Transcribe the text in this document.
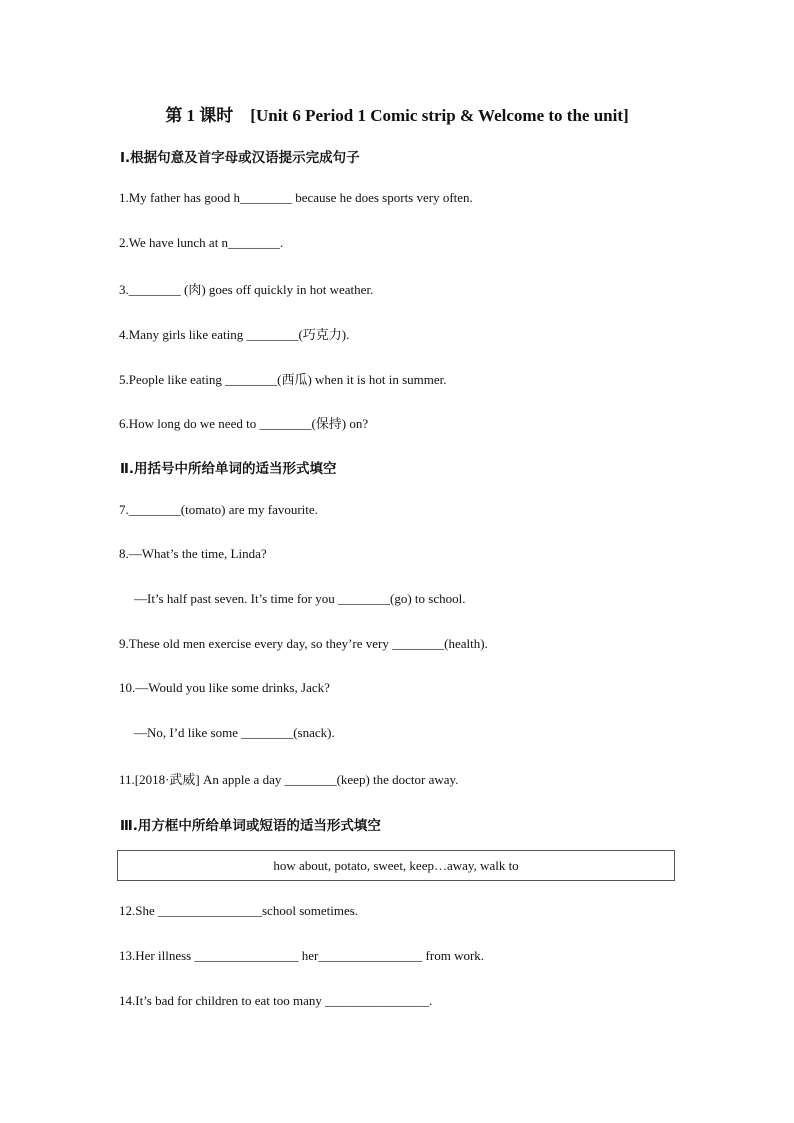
第 1 课时　[Unit 6 Period 1 Comic strip & Welcome to the unit]
Ⅰ.根据句意及首字母或汉语提示完成句子
1.My father has good h________ because he does sports very often.
2.We have lunch at n________.
3.________ (肉) goes off quickly in hot weather.
4.Many girls like eating ________(巧克力).
5.People like eating ________(西瓜) when it is hot in summer.
6.How long do we need to ________(保持) on?
Ⅱ.用括号中所给单词的适当形式填空
7.________(tomato) are my favourite.
8.—What’s the time, Linda?
—It’s half past seven. It’s time for you ________(go) to school.
9.These old men exercise every day, so they’re very ________(health).
10.—Would you like some drinks, Jack?
—No, I’d like some ________(snack).
11.[2018·武威] An apple a day ________(keep) the doctor away.
Ⅲ.用方框中所给单词或短语的适当形式填空
how about, potato, sweet, keep…away, walk to
12.She ________________school sometimes.
13.Her illness ________________ her________________ from work.
14.It’s bad for children to eat too many ________________.
